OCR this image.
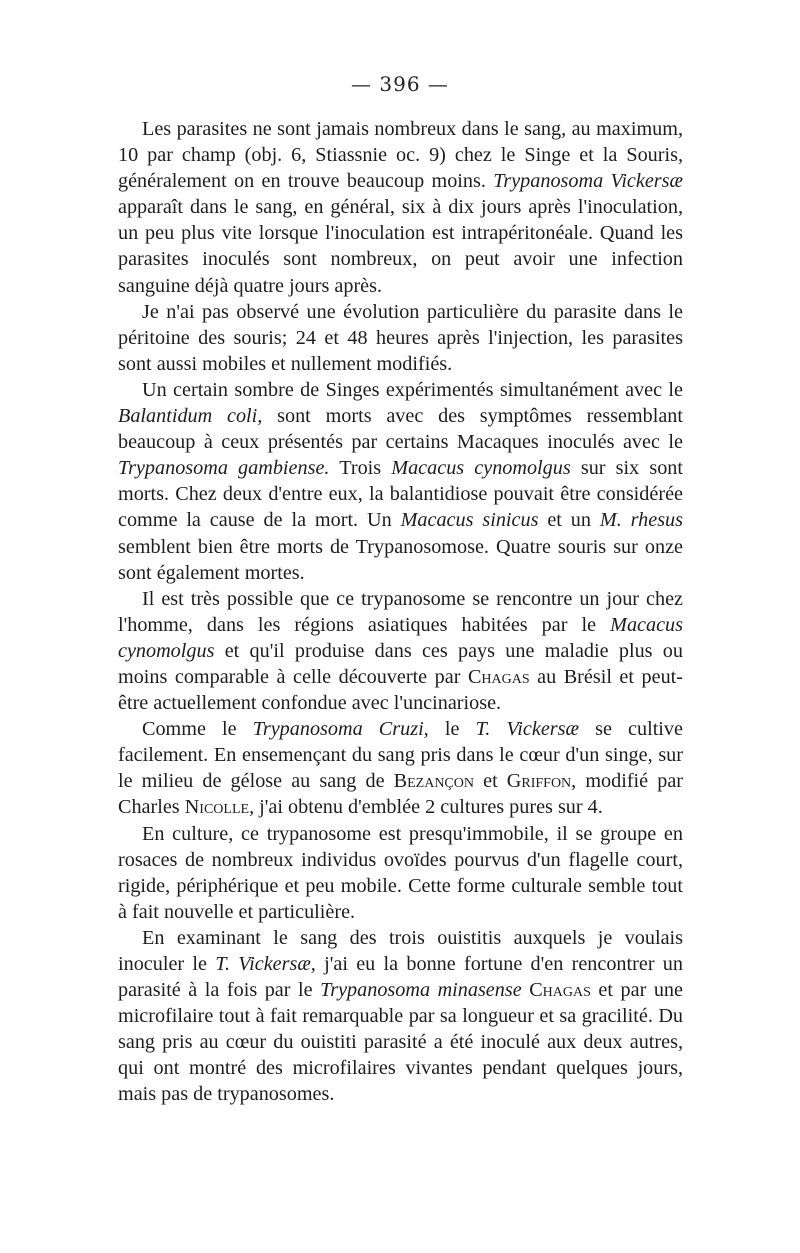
— 396 —

Les parasites ne sont jamais nombreux dans le sang, au maximum, 10 par champ (obj. 6, Stiassnie oc. 9) chez le Singe et la Souris, généralement on en trouve beaucoup moins. Trypanosoma Vickersæ apparaît dans le sang, en général, six à dix jours après l'inoculation, un peu plus vite lorsque l'inoculation est intrapéritonéale. Quand les parasites inoculés sont nombreux, on peut avoir une infection sanguine déjà quatre jours après.

Je n'ai pas observé une évolution particulière du parasite dans le péritoine des souris; 24 et 48 heures après l'injection, les parasites sont aussi mobiles et nullement modifiés.

Un certain sombre de Singes expérimentés simultanément avec le Balantidum coli, sont morts avec des symptômes ressemblant beaucoup à ceux présentés par certains Macaques inoculés avec le Trypanosoma gambiense. Trois Macacus cynomolgus sur six sont morts. Chez deux d'entre eux, la balantidiose pouvait être considérée comme la cause de la mort. Un Macacus sinicus et un M. rhesus semblent bien être morts de Trypanosomose. Quatre souris sur onze sont également mortes.

Il est très possible que ce trypanosome se rencontre un jour chez l'homme, dans les régions asiatiques habitées par le Macacus cynomolgus et qu'il produise dans ces pays une maladie plus ou moins comparable à celle découverte par Chagas au Brésil et peut-être actuellement confondue avec l'uncinariose.

Comme le Trypanosoma Cruzi, le T. Vickersæ se cultive facilement. En ensemençant du sang pris dans le cœur d'un singe, sur le milieu de gélose au sang de Bezançon et Griffon, modifié par Charles Nicolle, j'ai obtenu d'emblée 2 cultures pures sur 4.

En culture, ce trypanosome est presqu'immobile, il se groupe en rosaces de nombreux individus ovoïdes pourvus d'un flagelle court, rigide, périphérique et peu mobile. Cette forme culturale semble tout à fait nouvelle et particulière.

En examinant le sang des trois ouistitis auxquels je voulais inoculer le T. Vickersæ, j'ai eu la bonne fortune d'en rencontrer un parasité à la fois par le Trypanosoma minasense Chagas et par une microfilaire tout à fait remarquable par sa longueur et sa gracilité. Du sang pris au cœur du ouistiti parasité a été inoculé aux deux autres, qui ont montré des microfilaires vivantes pendant quelques jours, mais pas de trypanosomes.
